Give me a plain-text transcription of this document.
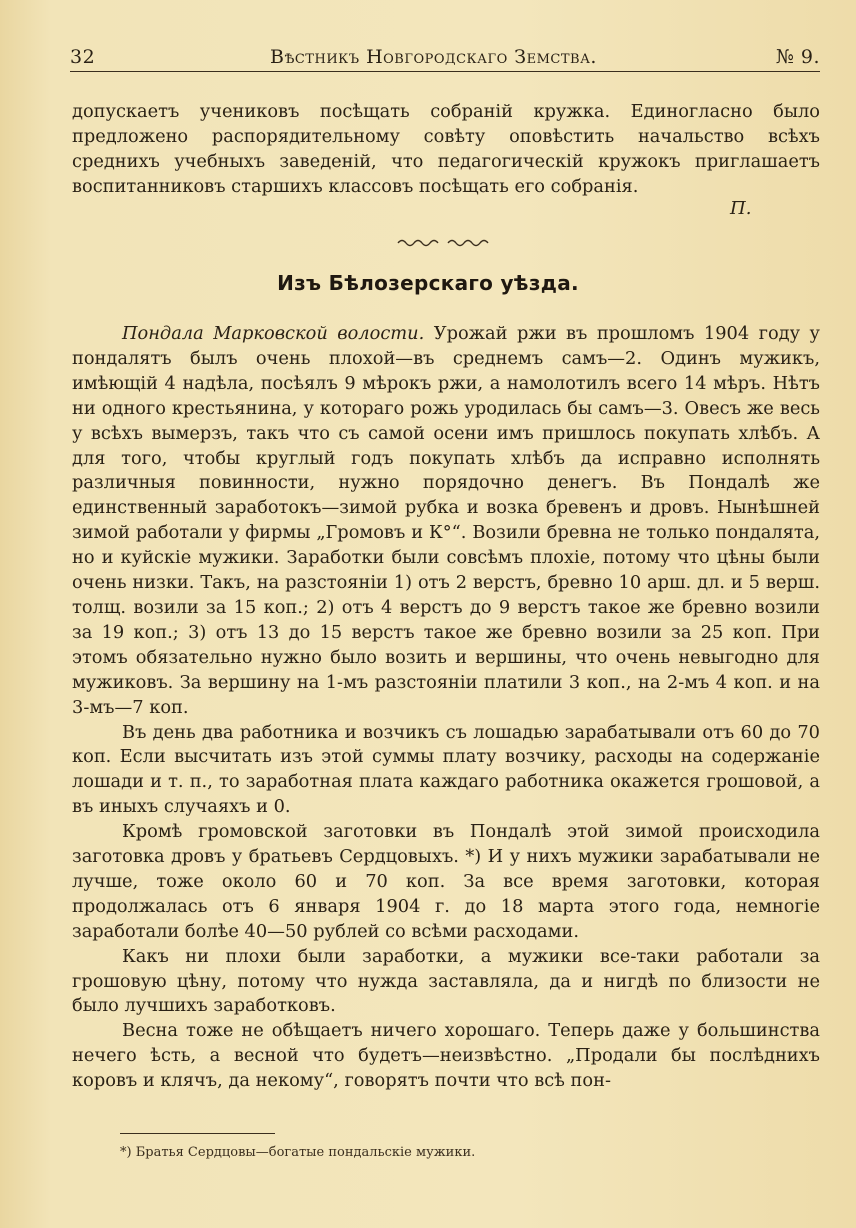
32	Вѣстникъ Новгородскаго Земства.	№ 9.
допускаетъ учениковъ посѣщать собраній кружка. Единогласно было предложено распорядительному совѣту оповѣстить начальство всѣхъ среднихъ учебныхъ заведеній, что педагогическій кружокъ приглашаетъ воспитанниковъ старшихъ классовъ посѣщать его собранія.
П.
Изъ Бѣлозерскаго уѣзда.

Пондала Марковской волости. Урожай ржи въ прошломъ 1904 году у пондалятъ былъ очень плохой—въ среднемъ самъ—2. Одинъ мужикъ, имѣющій 4 надѣла, посѣялъ 9 мѣрокъ ржи, а намолотилъ всего 14 мѣръ. Нѣтъ ни одного крестьянина, у котораго рожь уродилась бы самъ—3. Овесъ же весь у всѣхъ вымерзъ, такъ что съ самой осени имъ пришлось покупать хлѣбъ. А для того, чтобы круглый годъ покупать хлѣбъ да исправно исполнять различныя повинности, нужно порядочно денегъ. Въ Пондалѣ же единственный заработокъ—зимой рубка и возка бревенъ и дровъ. Нынѣшней зимой работали у фирмы „Громовъ и К°“. Возили бревна не только пондалята, но и куйскіе мужики. Заработки были совсѣмъ плохіе, потому что цѣны были очень низки. Такъ, на разстояніи 1) отъ 2 верстъ, бревно 10 арш. дл. и 5 верш. толщ. возили за 15 коп.; 2) отъ 4 верстъ до 9 верстъ такое же бревно возили за 19 коп.; 3) отъ 13 до 15 верстъ такое же бревно возили за 25 коп. При этомъ обязательно нужно было возить и вершины, что очень невыгодно для мужиковъ. За вершину на 1-мъ разстояніи платили 3 коп., на 2-мъ 4 коп. и на 3-мъ—7 коп.

Въ день два работника и возчикъ съ лошадью зарабатывали отъ 60 до 70 коп. Если высчитать изъ этой суммы плату возчику, расходы на содержаніе лошади и т. п., то заработная плата каждаго работника окажется грошовой, а въ иныхъ случаяхъ и 0.

Кромѣ громовской заготовки въ Пондалѣ этой зимой происходила заготовка дровъ у братьевъ Сердцовыхъ. *) И у нихъ мужики зарабатывали не лучше, тоже около 60 и 70 коп. За все время заготовки, которая продолжалась отъ 6 января 1904 г. до 18 марта этого года, немногіе заработали болѣе 40—50 рублей со всѣми расходами.

Какъ ни плохи были заработки, а мужики все-таки работали за грошовую цѣну, потому что нужда заставляла, да и нигдѣ по близости не было лучшихъ заработковъ.

Весна тоже не обѣщаетъ ничего хорошаго. Теперь даже у большинства нечего ѣсть, а весной что будетъ—неизвѣстно. „Продали бы послѣднихъ коровъ и клячъ, да некому“, говорятъ почти что всѣ пон-

*) Братья Сердцовы—богатые пондальскіе мужики.
